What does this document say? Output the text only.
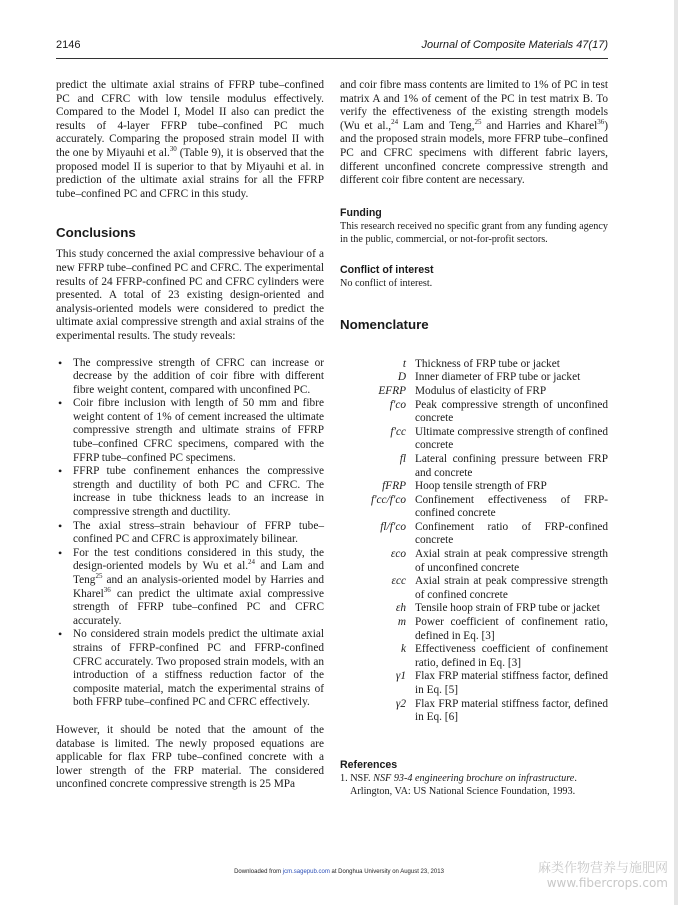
2146	Journal of Composite Materials 47(17)

predict the ultimate axial strains of FFRP tube–confined PC and CFRC with low tensile modulus effectively. Compared to the Model I, Model II also can predict the results of 4-layer FFRP tube–confined PC much accurately. Comparing the proposed strain model II with the one by Miyauhi et al.$^{30}$ (Table 9), it is observed that the proposed model II is superior to that by Miyauhi et al. in prediction of the ultimate axial strains for all the FFRP tube–confined PC and CFRC in this study.

Conclusions

This study concerned the axial compressive behaviour of a new FFRP tube–confined PC and CFRC. The experimental results of 24 FFRP-confined PC and CFRC cylinders were presented. A total of 23 existing design-oriented and analysis-oriented models were considered to predict the ultimate axial compressive strength and axial strains of the experimental results. The study reveals:

• The compressive strength of CFRC can increase or decrease by the addition of coir fibre with different fibre weight content, compared with unconfined PC.
• Coir fibre inclusion with length of 50 mm and fibre weight content of 1% of cement increased the ultimate compressive strength and ultimate strains of FFRP tube–confined CFRC specimens, compared with the FFRP tube–confined PC specimens.
• FFRP tube confinement enhances the compressive strength and ductility of both PC and CFRC. The increase in tube thickness leads to an increase in compressive strength and ductility.
• The axial stress–strain behaviour of FFRP tube–confined PC and CFRC is approximately bilinear.
• For the test conditions considered in this study, the design-oriented models by Wu et al.$^{24}$ and Lam and Teng$^{25}$ and an analysis-oriented model by Harries and Kharel$^{36}$ can predict the ultimate axial compressive strength of FFRP tube–confined PC and CFRC accurately.
• No considered strain models predict the ultimate axial strains of FFRP-confined PC and FFRP-confined CFRC accurately. Two proposed strain models, with an introduction of a stiffness reduction factor of the composite material, match the experimental strains of both FFRP tube–confined PC and CFRC effectively.

However, it should be noted that the amount of the database is limited. The newly proposed equations are applicable for flax FRP tube–confined concrete with a lower strength of the FRP material. The considered unconfined concrete compressive strength is 25 MPa

and coir fibre mass contents are limited to 1% of PC in test matrix A and 1% of cement of the PC in test matrix B. To verify the effectiveness of the existing strength models (Wu et al.,$^{24}$ Lam and Teng,$^{25}$ and Harries and Kharel$^{36}$) and the proposed strain models, more FFRP tube–confined PC and CFRC specimens with different fabric layers, different unconfined concrete compressive strength and different coir fibre content are necessary.

Funding

This research received no specific grant from any funding agency in the public, commercial, or not-for-profit sectors.

Conflict of interest

No conflict of interest.

Nomenclature

t	Thickness of FRP tube or jacket
D	Inner diameter of FRP tube or jacket
EFRP	Modulus of elasticity of FRP
f′co	Peak compressive strength of unconfined concrete
f′cc	Ultimate compressive strength of confined concrete
fl	Lateral confining pressure between FRP and concrete
fFRP	Hoop tensile strength of FRP
f′cc/f′co	Confinement effectiveness of FRP-confined concrete
fl/f′co	Confinement ratio of FRP-confined concrete
εco	Axial strain at peak compressive strength of unconfined concrete
εcc	Axial strain at peak compressive strength of confined concrete
εh	Tensile hoop strain of FRP tube or jacket
m	Power coefficient of confinement ratio, defined in Eq. [3]
k	Effectiveness coefficient of confinement ratio, defined in Eq. [3]
γ1	Flax FRP material stiffness factor, defined in Eq. [5]
γ2	Flax FRP material stiffness factor, defined in Eq. [6]

References

1. NSF. NSF 93-4 engineering brochure on infrastructure. Arlington, VA: US National Science Foundation, 1993.

Downloaded from jcm.sagepub.com at Donghua University on August 23, 2013	麻类作物营养与施肥网
www.fibercrops.com
